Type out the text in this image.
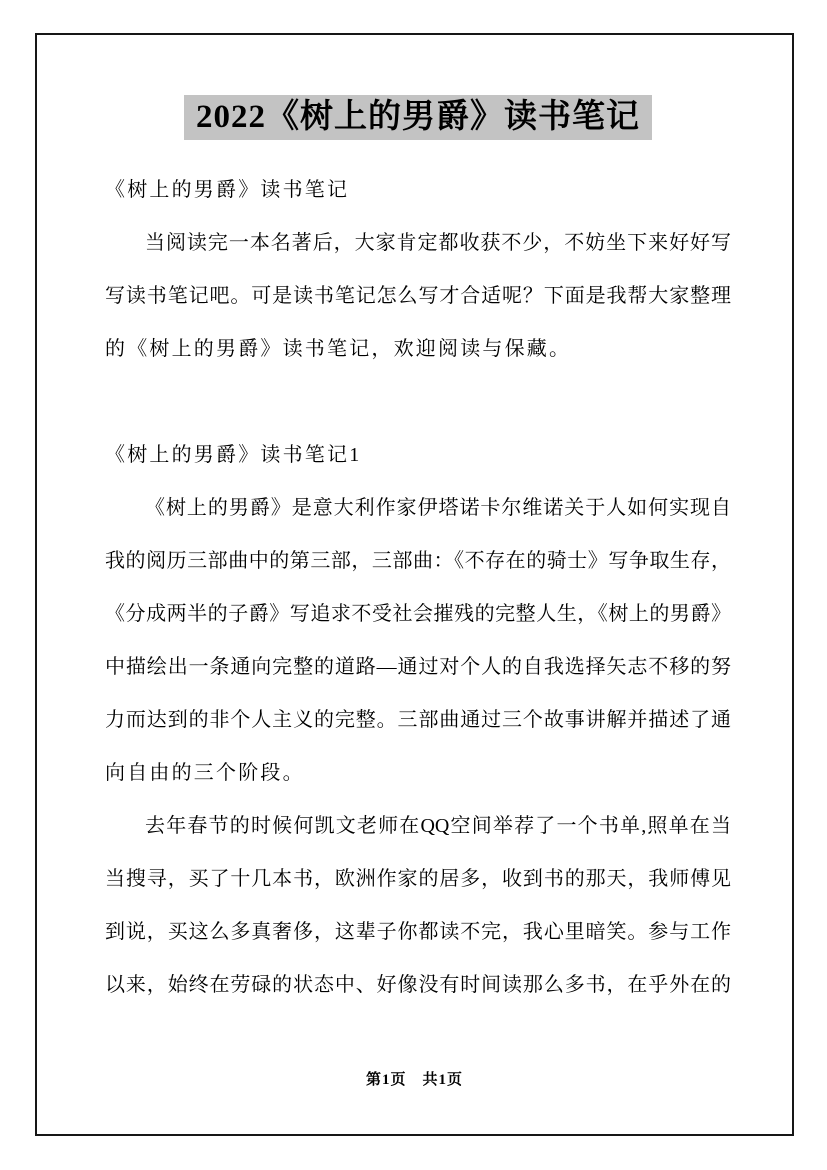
2022《树上的男爵》读书笔记
《树上的男爵》读书笔记
当阅读完一本名著后，大家肯定都收获不少，不妨坐下来好好写
写读书笔记吧。可是读书笔记怎么写才合适呢？下面是我帮大家整理
的《树上的男爵》读书笔记，欢迎阅读与保藏。
《树上的男爵》读书笔记1
《树上的男爵》是意大利作家伊塔诺卡尔维诺关于人如何实现自
我的阅历三部曲中的第三部，三部曲：《不存在的骑士》写争取生存，
《分成两半的子爵》写追求不受社会摧残的完整人生，《树上的男爵》
中描绘出一条通向完整的道路—通过对个人的自我选择矢志不移的努
力而达到的非个人主义的完整。三部曲通过三个故事讲解并描述了通
向自由的三个阶段。
去年春节的时候何凯文老师在QQ空间举荐了一个书单,照单在当
当搜寻，买了十几本书，欧洲作家的居多，收到书的那天，我师傅见
到说，买这么多真奢侈，这辈子你都读不完，我心里暗笑。参与工作
以来，始终在劳碌的状态中、好像没有时间读那么多书，在乎外在的
第1页　共1页
